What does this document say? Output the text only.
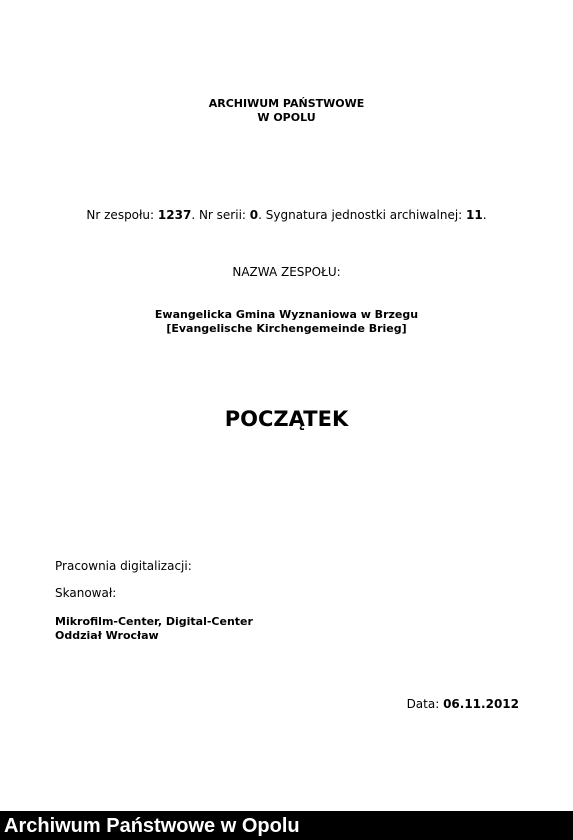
ARCHIWUM PAŃSTWOWE
W OPOLU
Nr zespołu: 1237. Nr serii: 0. Sygnatura jednostki archiwalnej: 11.
NAZWA ZESPOŁU:
Ewangelicka Gmina Wyznaniowa w Brzegu
[Evangelische Kirchengemeinde Brieg]
POCZĄTEK
Pracownia digitalizacji:
Skanował:
Mikrofilm-Center, Digital-Center
Oddział Wrocław
Data: 06.11.2012
Archiwum Państwowe w Opolu
